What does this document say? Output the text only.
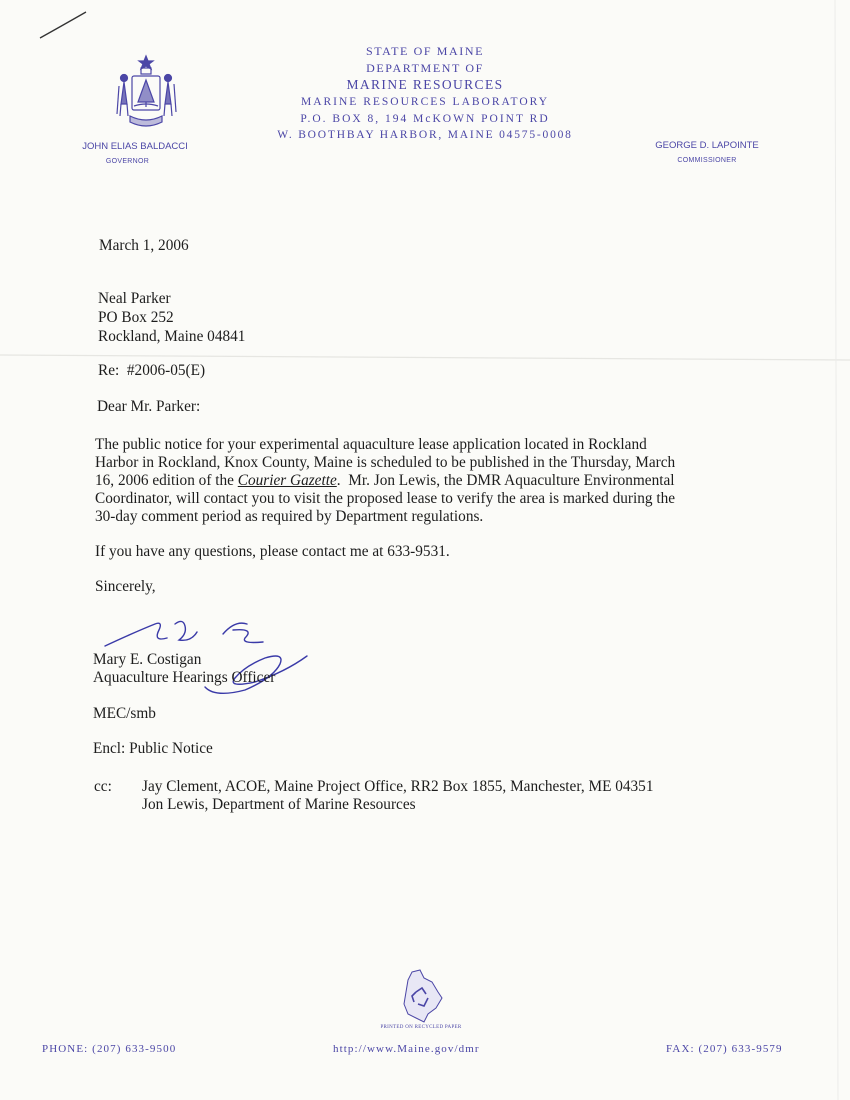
STATE OF MAINE
DEPARTMENT OF
MARINE RESOURCES
MARINE RESOURCES LABORATORY
P.O. BOX 8, 194 McKOWN POINT RD
W. BOOTHBAY HARBOR, MAINE 04575-0008
JOHN ELIAS BALDACCI
GOVERNOR
GEORGE D. LAPOINTE
COMMISSIONER
March 1, 2006
Neal Parker
PO Box 252
Rockland, Maine 04841
Re:  #2006-05(E)
Dear Mr. Parker:
The public notice for your experimental aquaculture lease application located in Rockland
Harbor in Rockland, Knox County, Maine is scheduled to be published in the Thursday, March
16, 2006 edition of the Courier Gazette.  Mr. Jon Lewis, the DMR Aquaculture Environmental
Coordinator, will contact you to visit the proposed lease to verify the area is marked during the
30-day comment period as required by Department regulations.
If you have any questions, please contact me at 633-9531.
Sincerely,
Mary E. Costigan
Aquaculture Hearings Officer
MEC/smb
Encl: Public Notice
cc: Jay Clement, ACOE, Maine Project Office, RR2 Box 1855, Manchester, ME 04351
Jon Lewis, Department of Marine Resources
PRINTED ON RECYCLED PAPER
PHONE: (207) 633-9500	http://www.Maine.gov/dmr	FAX: (207) 633-9579
